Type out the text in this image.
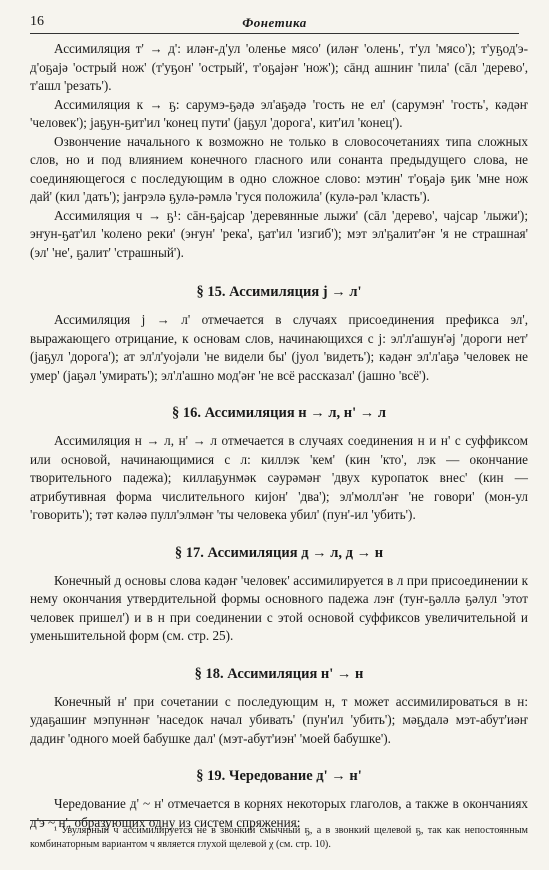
16	Фонетика

Ассимиляция т' → д': иләҥ-д'ул 'оленье мясо' (иләҥ 'олень', т'ул 'мясо'); т'уҕод'э-д'оҕајә 'острый нож' (т'уҕон' 'острый', т'оҕајәҥ 'нож'); сāнд ашниҥ 'пила' (сāл 'дерево', т'ашл 'резать').

Ассимиляция к → ҕ: сарумэ-ҕәдә эл'аҕәдә 'гость не ел' (сарумэн' 'гость', кәдәҥ 'человек'); јаҕун-ҕит'ил 'конец пути' (јаҕул 'дорога', кит'ил 'конец').

Озвончение начального к возможно не только в словосочетаниях типа сложных слов, но и под влиянием конечного гласного или сонанта предыдущего слова, не соединяющегося с последующим в одно сложное слово: мэтин' т'оҕајә ҕик 'мне нож дай' (кил 'дать'); јаҥрэлә ҕулә-рәмлә 'гуся положила' (кулә-рәл 'класть').

Ассимиляция ч → ҕ¹: сāн-ҕајсар 'деревянные лыжи' (сāл 'дерево', чајсар 'лыжи'); эҥун-ҕат'ил 'колено реки' (эҥун' 'река', ҕат'ил 'изгиб'); мэт эл'ҕалит'әҥ 'я не страшная' (эл' 'не', ҕалит' 'страшный').

§ 15. Ассимиляция j → л'

Ассимиляция j → л' отмечается в случаях присоединения префикса эл', выражающего отрицание, к основам слов, начинающихся с j: эл'л'ашун'әј 'дороги нет' (јаҕул 'дорога'); ат эл'л'уојәли 'не видели бы' (јуол 'видеть'); кәдәҥ эл'л'аҕә 'человек не умер' (јаҕәл 'умирать'); эл'л'ашно мод'әҥ 'не всё рассказал' (јашно 'всё').

§ 16. Ассимиляция н → л, н' → л

Ассимиляция н → л, н' → л отмечается в случаях соединения н и н' с суффиксом или основой, начинающимися с л: киллэк 'кем' (кин 'кто', лэк — окончание творительного падежа); киллаҕунмәк сәурәмәҥ 'двух куропаток внес' (кин — атрибутивная форма числительного кијон' 'два'); эл'молл'әҥ 'не говори' (мон-ул 'говорить'); тәт кәләә пулл'элмәҥ 'ты человека убил' (пун'-ил 'убить').

§ 17. Ассимиляция д → л, д → н

Конечный д основы слова кәдәҥ 'человек' ассимилируется в л при присоединении к нему окончания утвердительной формы основного падежа лэҥ (туҥ-ҕәллә ҕәлул 'этот человек пришел') и в н при соединении с этой основой суффиксов увеличительной и уменьшительной форм (см. стр. 25).

§ 18. Ассимиляция н' → н

Конечный н' при сочетании с последующим н, т может ассимилироваться в н: удаҕашиҥ мэпуннәҥ 'наседок начал убивать' (пун'ил 'убить'); мәҕдалә мэт-абут'иәҥ дадиҥ 'одного моей бабушке дал' (мэт-абут'иэн' 'моей бабушке').

§ 19. Чередование д' → н'

Чередование д' ~ н' отмечается в корнях некоторых глаголов, а также в окончаниях д'э ~ н', образующих одну из систем спряжения:

¹ Увулярный ч ассимилируется не в звонкий смычный ҕ, а в звонкий щелевой ҕ, так как непостоянным комбинаторным вариантом ч является глухой щелевой χ (см. стр. 10).
